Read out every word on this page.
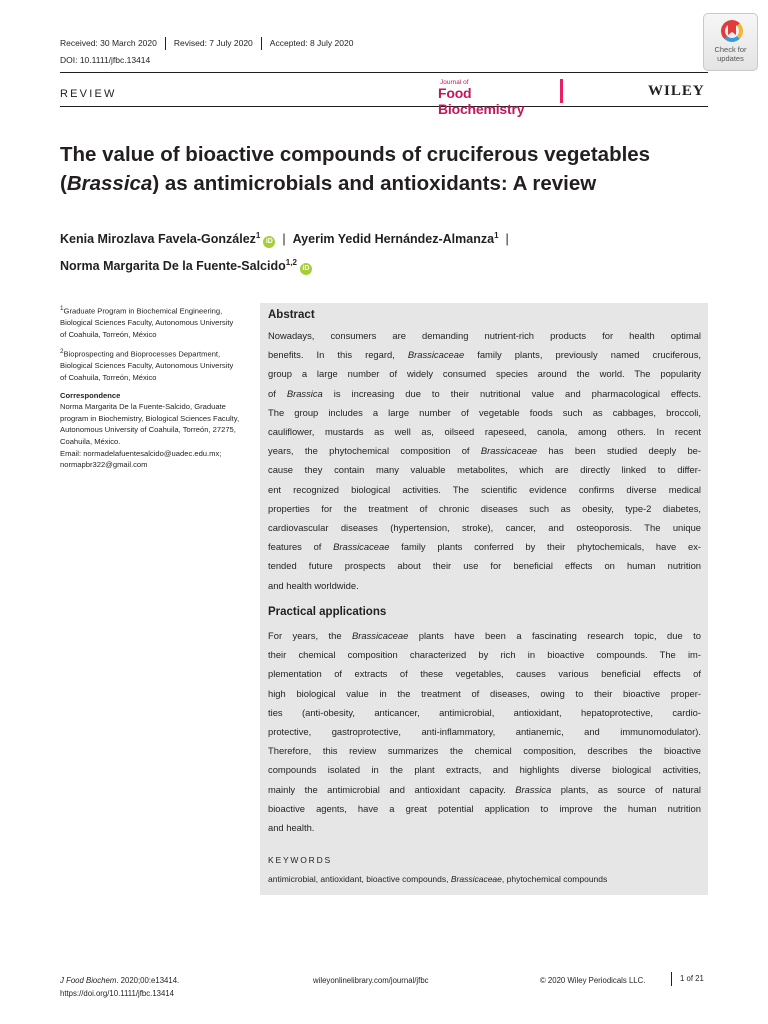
Received: 30 March 2020	Revised: 7 July 2020	Accepted: 8 July 2020
DOI: 10.1111/jfbc.13414
REVIEW
Check for updates
Journal of
Food Biochemistry
WILEY
The value of bioactive compounds of cruciferous vegetables (Brassica) as antimicrobials and antioxidants: A review
Kenia Mirozlava Favela-González$^1$iD | Ayerim Yedid Hernández-Almanza$^1$ |
Norma Margarita De la Fuente-Salcido$^{1,2}$iD

$^1$Graduate Program in Biochemical Engineering, Biological Sciences Faculty, Autonomous University of Coahuila, Torreón, México

$^2$Bioprospecting and Bioprocesses Department, Biological Sciences Faculty, Autonomous University of Coahuila, Torreón, México

Correspondence

Norma Margarita De la Fuente-Salcido, Graduate program in Biochemistry, Biological Sciences Faculty, Autonomous University of Coahuila, Torreón, 27275, Coahuila, México.

Email: normadelafuentesalcido@uadec.edu.mx; normapbr322@gmail.com

Abstract
Nowadays, consumers are demanding nutrient-rich products for health optimal
benefits. In this regard, Brassicaceae family plants, previously named cruciferous,
group a large number of widely consumed species around the world. The popularity
of Brassica is increasing due to their nutritional value and pharmacological effects.
The group includes a large number of vegetable foods such as cabbages, broccoli,
cauliflower, mustards as well as, oilseed rapeseed, canola, among others. In recent
years, the phytochemical composition of Brassicaceae has been studied deeply be-
cause they contain many valuable metabolites, which are directly linked to differ-
ent recognized biological activities. The scientific evidence confirms diverse medical
properties for the treatment of chronic diseases such as obesity, type-2 diabetes,
cardiovascular diseases (hypertension, stroke), cancer, and osteoporosis. The unique
features of Brassicaceae family plants conferred by their phytochemicals, have ex-
tended future prospects about their use for beneficial effects on human nutrition
and health worldwide.
Practical applications
For years, the Brassicaceae plants have been a fascinating research topic, due to
their chemical composition characterized by rich in bioactive compounds. The im-
plementation of extracts of these vegetables, causes various beneficial effects of
high biological value in the treatment of diseases, owing to their bioactive proper-
ties (anti-obesity, anticancer, antimicrobial, antioxidant, hepatoprotective, cardio-
protective, gastroprotective, anti-inflammatory, antianemic, and immunomodulator).
Therefore, this review summarizes the chemical composition, describes the bioactive
compounds isolated in the plant extracts, and highlights diverse biological activities,
mainly the antimicrobial and antioxidant capacity. Brassica plants, as source of natural
bioactive agents, have a great potential application to improve the human nutrition
and health.
KEYWORDS
antimicrobial, antioxidant, bioactive compounds, Brassicaceae, phytochemical compounds
J Food Biochem. 2020;00:e13414.
https://doi.org/10.1111/jfbc.13414
wileyonlinelibrary.com/journal/jfbc	© 2020 Wiley Periodicals LLC.	1 of 21
